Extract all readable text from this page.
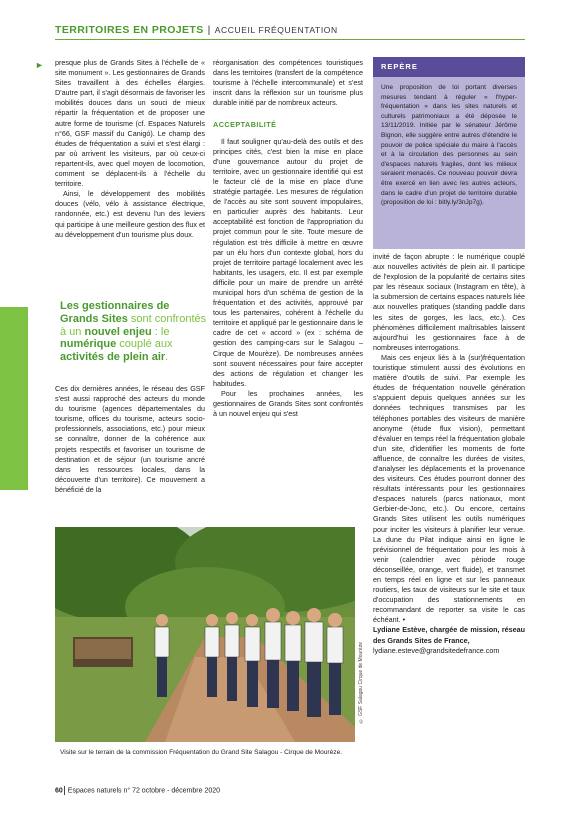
TERRITOIRES EN PROJETS | ACCUEIL FRÉQUENTATION
► presque plus de Grands Sites à l'échelle de « site monument ». Les gestionnaires de Grands Sites travaillent à des échelles élargies. D'autre part, il s'agit désormais de favoriser les mobilités douces dans un souci de mieux répartir la fréquentation et de proposer une autre forme de tourisme (cf. Espaces Naturels n°66, GSF massif du Canigó). Le champ des études de fréquentation a suivi et s'est élargi : par où arrivent les visiteurs, par où ceux-ci repartent-ils, avec quel moyen de locomotion, comment se déplacent-ils à l'échelle du territoire.

Ainsi, le développement des mobilités douces (vélo, vélo à assistance électrique, randonnée, etc.) est devenu l'un des leviers qui participe à une meilleure gestion des flux et au développement d'un tourisme plus doux.

Les gestionnaires de Grands Sites sont confrontés à un nouvel enjeu : le numérique couplé aux activités de plein air.

Ces dix dernières années, le réseau des GSF s'est aussi rapproché des acteurs du monde du tourisme (agences départementales du tourisme, offices du tourisme, acteurs socio-professionnels, associations, etc.) pour mieux se connaître, donner de la cohérence aux projets respectifs et favoriser un tourisme de destination et de séjour (un tourisme ancré dans les ressources locales, dans la découverte d'un territoire). Ce mouvement a bénéficié de la

réorganisation des compétences touristiques dans les territoires (transfert de la compétence tourisme à l'échelle intercommunale) et s'est inscrit dans la réflexion sur un tourisme plus durable initié par de nombreux acteurs.

ACCEPTABILITÉ

Il faut souligner qu'au-delà des outils et des principes cités, c'est bien la mise en place d'une gouvernance autour du projet de territoire, avec un gestionnaire identifié qui est le facteur clé de la mise en place d'une stratégie partagée. Les mesures de régulation de l'accès au site sont souvent impopulaires, en particulier auprès des habitants. Leur acceptabilité est fonction de l'appropriation du projet commun pour le site. Toute mesure de régulation est très difficile à mettre en œuvre par un élu hors d'un contexte global, hors du projet de territoire partagé localement avec les habitants, les usagers, etc. Il est par exemple difficile pour un maire de prendre un arrêté municipal hors d'un schéma de gestion de la fréquentation et des activités, approuvé par tous les partenaires, cohérent à l'échelle du territoire et appliqué par le gestionnaire dans le cadre de cet « accord » (ex : schéma de gestion des camping-cars sur le Salagou – Cirque de Mourèze). De nombreuses années sont souvent nécessaires pour faire accepter des actions de régulation et changer les habitudes.

Pour les prochaines années, les gestionnaires de Grands Sites sont confrontés à un nouvel enjeu qui s'est

REPÈRE
Une proposition de loi portant diverses mesures tendant à réguler « l'hyper-fréquentation » dans les sites naturels et culturels patrimoniaux a été déposée le 13/11/2019. Initiée par le sénateur Jérôme Bignon, elle suggère entre autres d'étendre le pouvoir de police spéciale du maire à l'accès et à la circulation des personnes au sein d'espaces naturels fragiles, dont les milieux seraient menacés. Ce nouveau pouvoir devra être exercé en lien avec les autres acteurs, dans le cadre d'un projet de territoire durable (proposition de loi : bitly.ly/3nJp7g).

invité de façon abrupte : le numérique couplé aux nouvelles activités de plein air. Il participe de l'explosion de la popularité de certains sites par les réseaux sociaux (Instagram en tête), à la submersion de certains espaces naturels liée aux nouvelles pratiques (standing paddle dans les sites de gorges, les lacs, etc.). Ces phénomènes difficilement maîtrisables laissent aujourd'hui les gestionnaires face à de nombreuses interrogations.

Mais ces enjeux liés à la (sur)fréquentation touristique stimulent aussi des évolutions en matière d'outils de suivi. Par exemple les études de fréquentation nouvelle génération s'appuient depuis quelques années sur les données techniques transmises par les téléphones portables des visiteurs de manière anonyme (étude flux vision), permettant d'évaluer en temps réel la fréquentation globale d'un site, d'identifier les moments de forte affluence, de connaître les durées de visites, d'analyser les déplacements et la provenance des visiteurs. Ces études pourront donner des résultats intéressants pour les gestionnaires d'espaces naturels (parcs nationaux, mont Gerbier-de-Jonc, etc.). Ou encore, certains Grands Sites utilisent les outils numériques pour inciter les visiteurs à planifier leur venue. La dune du Pilat indique ainsi en ligne le prévisionnel de fréquentation pour les mois à venir (calendrier avec période rouge déconseillée, orange, vert fluide), et transmet en temps réel en ligne et sur les panneaux routiers, les taux de visiteurs sur le site et taux d'occupation des stationnements en recommandant de reporter sa visite le cas échéant. •

Lydiane Estève, chargée de mission, réseau des Grands Sites de France,

lydiane.esteve@grandsitedefrance.com

© GSF Salagou Cirque de Mourèze
Visite sur le terrain de la commission Fréquentation du Grand Site Salagou - Cirque de Mourèze.
60 Espaces naturels n° 72 octobre - décembre 2020
